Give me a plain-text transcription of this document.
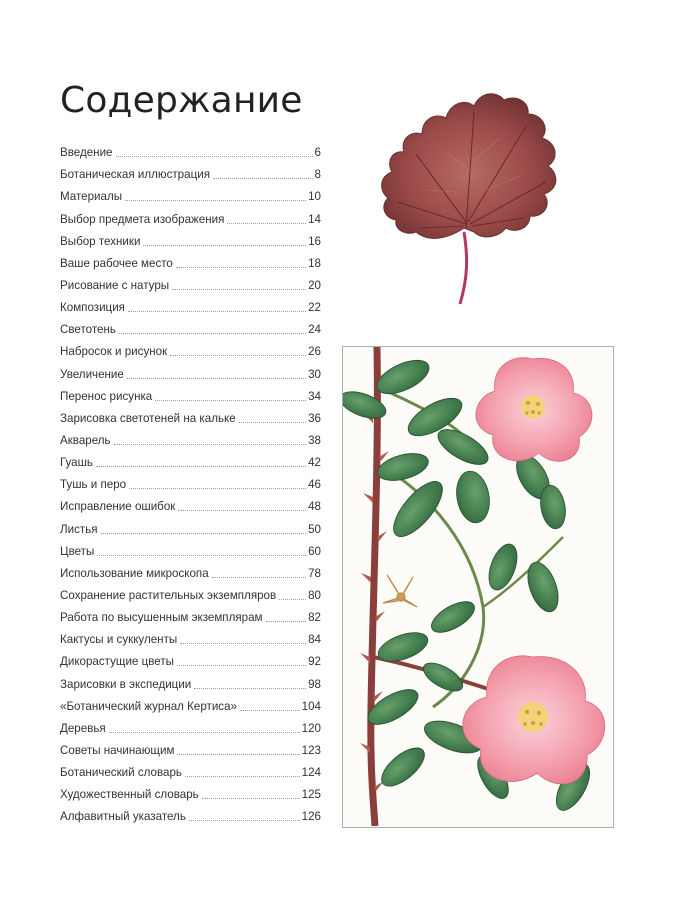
Содержание
Введение	6
Ботаническая иллюстрация	8
Материалы	10
Выбор предмета изображения	14
Выбор техники	16
Ваше рабочее место	18
Рисование с натуры	20
Композиция	22
Светотень	24
Набросок и рисунок	26
Увеличение	30
Перенос рисунка	34
Зарисовка светотеней на кальке	36
Акварель	38
Гуашь	42
Тушь и перо	46
Исправление ошибок	48
Листья	50
Цветы	60
Использование микроскопа	78
Сохранение растительных экземпляров	80
Работа по высушенным экземплярам	82
Кактусы и суккуленты	84
Дикорастущие цветы	92
Зарисовки в экспедиции	98
«Ботанический журнал Кертиса»	104
Деревья	120
Советы начинающим	123
Ботанический словарь	124
Художественный словарь	125
Алфавитный указатель	126
